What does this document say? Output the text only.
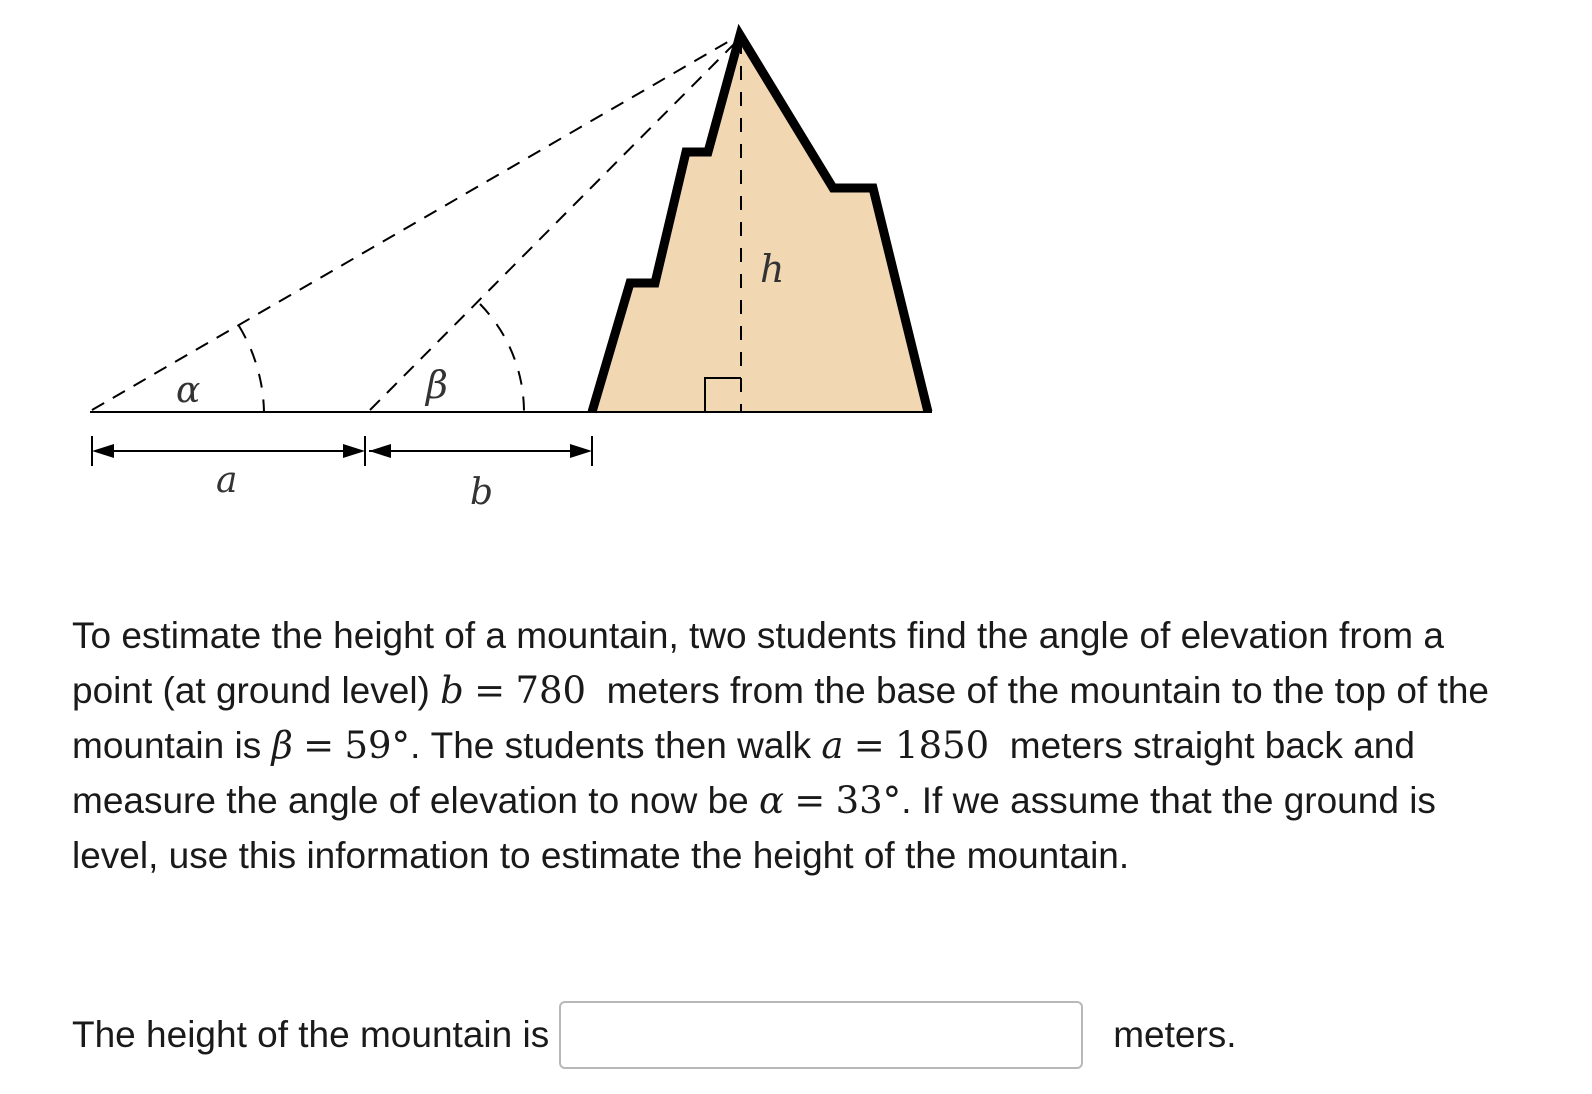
α	β
h
a	b

To estimate the height of a mountain, two students find the angle of elevation from a point (at ground level) b = 780 meters from the base of the mountain to the top of the mountain is β = 59°. The students then walk a = 1850 meters straight back and measure the angle of elevation to now be α = 33°. If we assume that the ground is level, use this information to estimate the height of the mountain.

The height of the mountain is	meters.
